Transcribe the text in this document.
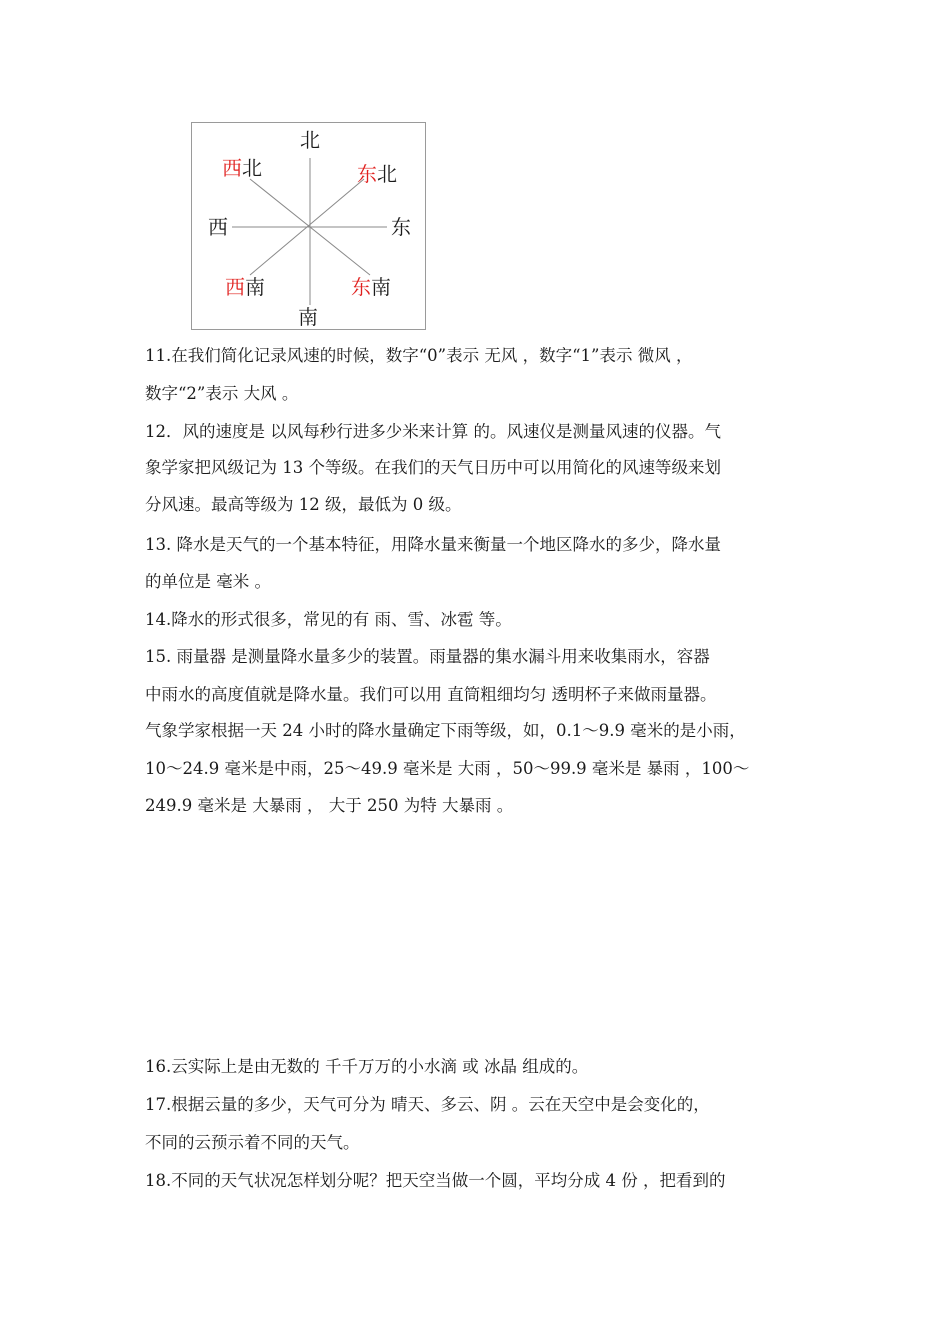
北
南
西	东
西北	东北
西南	东南
11.在我们简化记录风速的时候，数字“0”表示 无风 ，数字“1”表示 微风 ，
数字“2”表示 大风 。
12．风的速度是 以风每秒行进多少米来计算 的。风速仪是测量风速的仪器。气
象学家把风级记为 13 个等级。在我们的天气日历中可以用简化的风速等级来划
分风速。最高等级为 12 级，最低为 0 级。
13. 降水是天气的一个基本特征，用降水量来衡量一个地区降水的多少，降水量
的单位是 毫米 。
14.降水的形式很多，常见的有 雨、雪、冰雹 等。
15. 雨量器 是测量降水量多少的装置。雨量器的集水漏斗用来收集雨水，容器
中雨水的高度值就是降水量。我们可以用 直筒粗细均匀 透明杯子来做雨量器。
气象学家根据一天 24 小时的降水量确定下雨等级，如，0.1～9.9 毫米的是小雨，
10～24.9 毫米是中雨，25～49.9 毫米是 大雨 ，50～99.9 毫米是 暴雨 ，100～
249.9 毫米是 大暴雨 ， 大于 250 为特 大暴雨 。
16.云实际上是由无数的 千千万万的小水滴 或 冰晶 组成的。
17.根据云量的多少，天气可分为 晴天、多云、阴 。云在天空中是会变化的，
不同的云预示着不同的天气。
18.不同的天气状况怎样划分呢？把天空当做一个圆，平均分成 4 份 ，把看到的
